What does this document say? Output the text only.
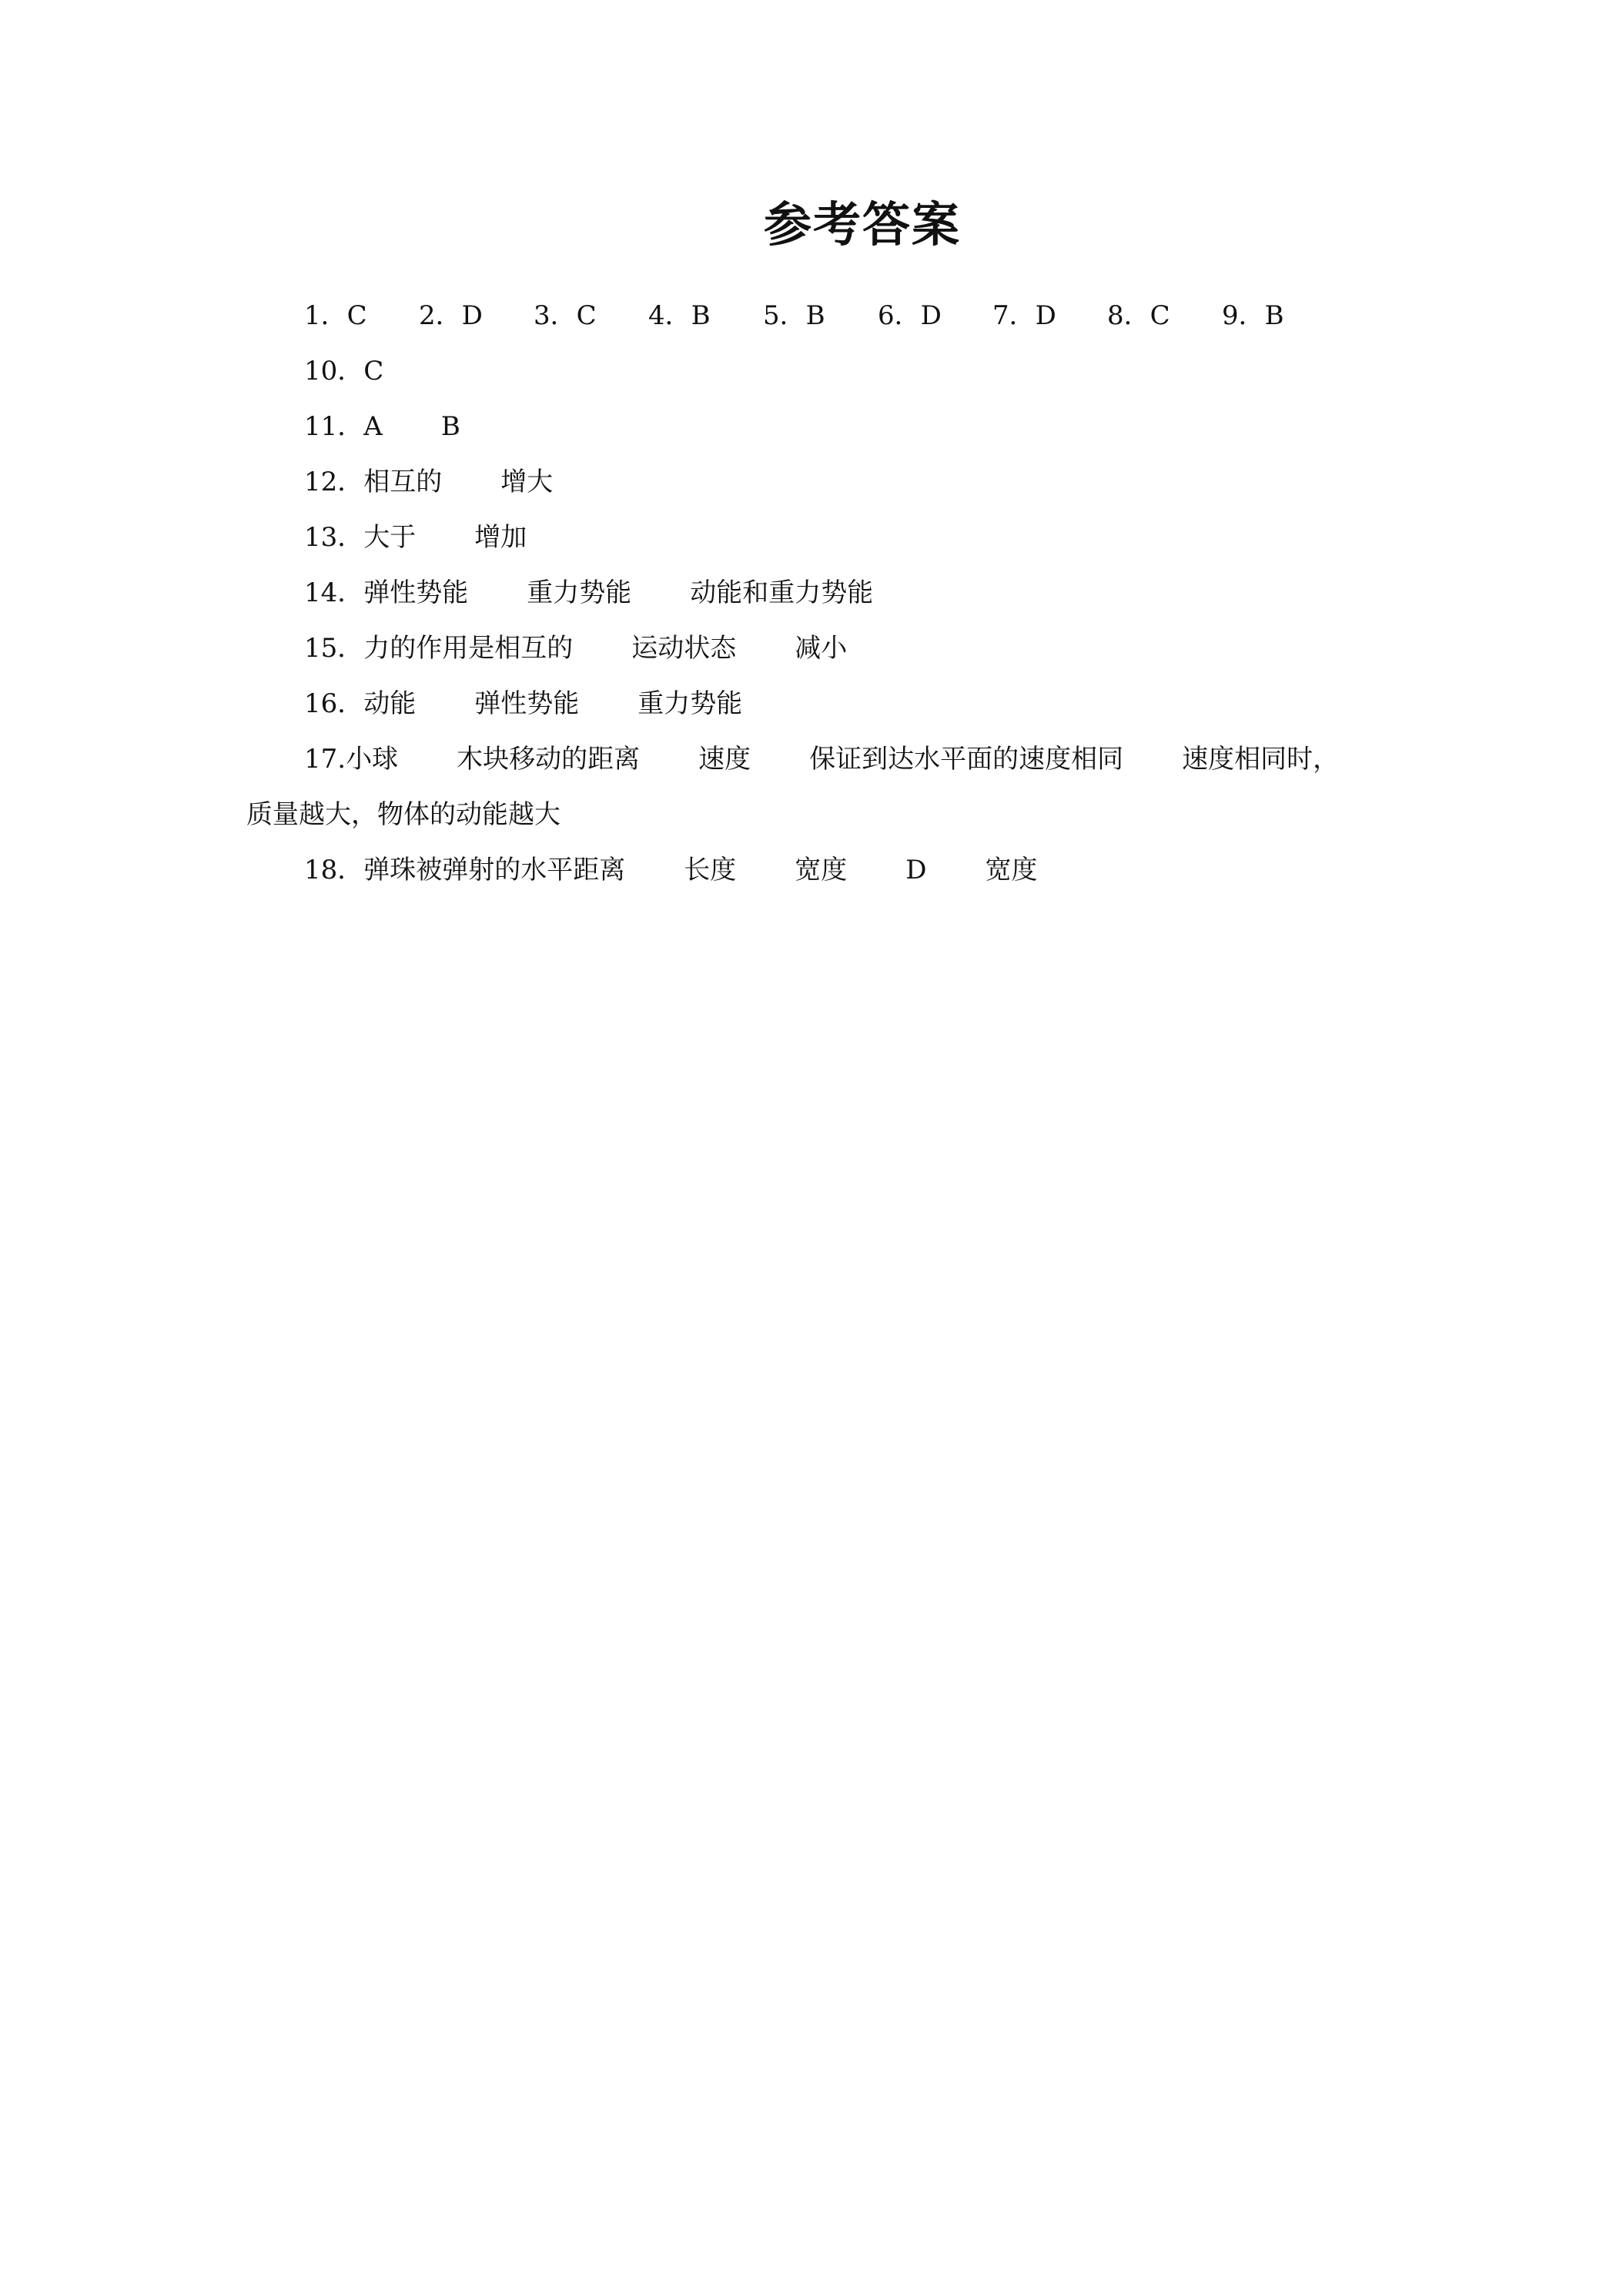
参考答案
1．C 2．D 3．C 4．B 5．B 6．D 7．D 8．C 9．B
10．C
11．A B
12．相互的 增大
13．大于 增加
14．弹性势能 重力势能 动能和重力势能
15．力的作用是相互的 运动状态 减小
16．动能 弹性势能 重力势能
17.小球 木块移动的距离 速度 保证到达水平面的速度相同 速度相同时，
质量越大，物体的动能越大
18．弹珠被弹射的水平距离 长度 宽度 D 宽度
